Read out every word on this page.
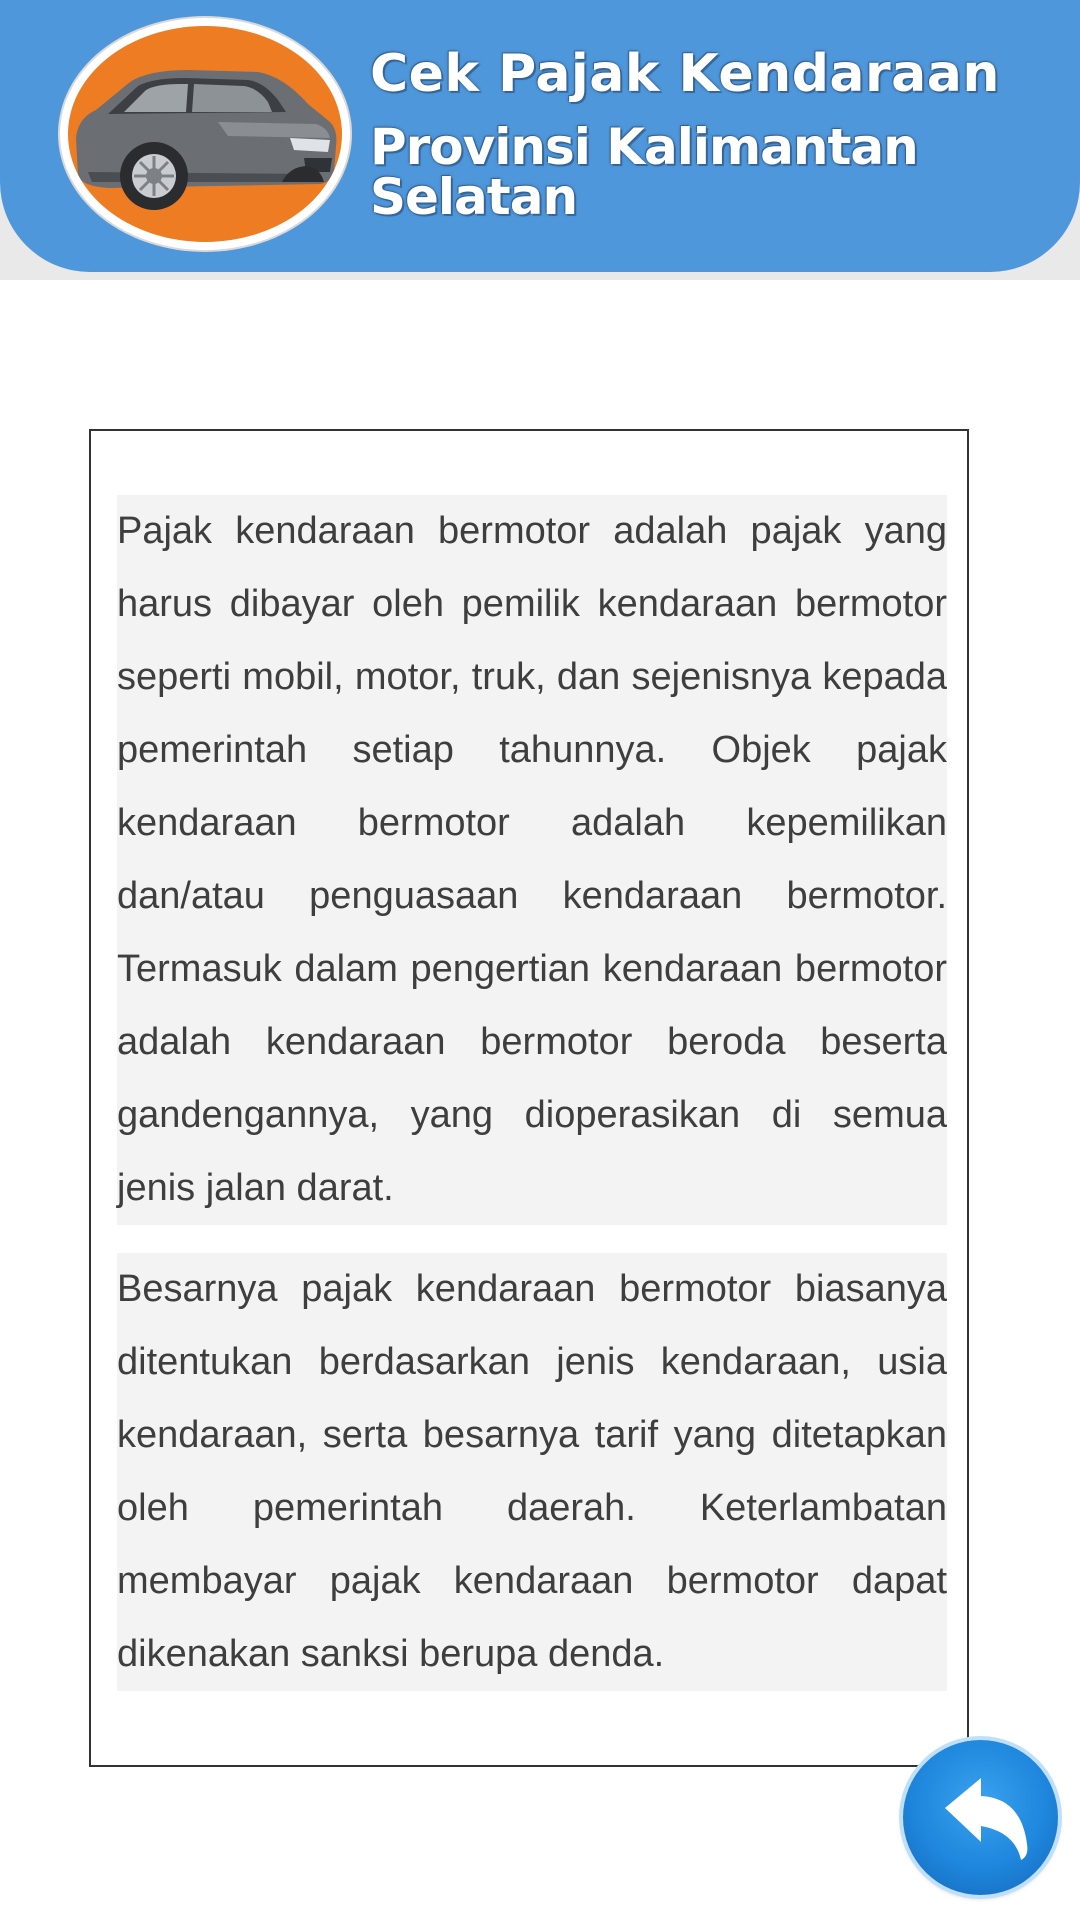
Cek Pajak Kendaraan
Provinsi Kalimantan Selatan

Pajak kendaraan bermotor adalah pajak yang harus dibayar oleh pemilik kendaraan bermotor seperti mobil, motor, truk, dan sejenisnya kepada pemerintah setiap tahunnya. Objek pajak kendaraan bermotor adalah kepemilikan dan/atau penguasaan kendaraan bermotor. Termasuk dalam pengertian kendaraan bermotor adalah kendaraan bermotor beroda beserta gandengannya, yang dioperasikan di semua jenis jalan darat.

Besarnya pajak kendaraan bermotor biasanya ditentukan berdasarkan jenis kendaraan, usia kendaraan, serta besarnya tarif yang ditetapkan oleh pemerintah daerah. Keterlambatan membayar pajak kendaraan bermotor dapat dikenakan sanksi berupa denda.
